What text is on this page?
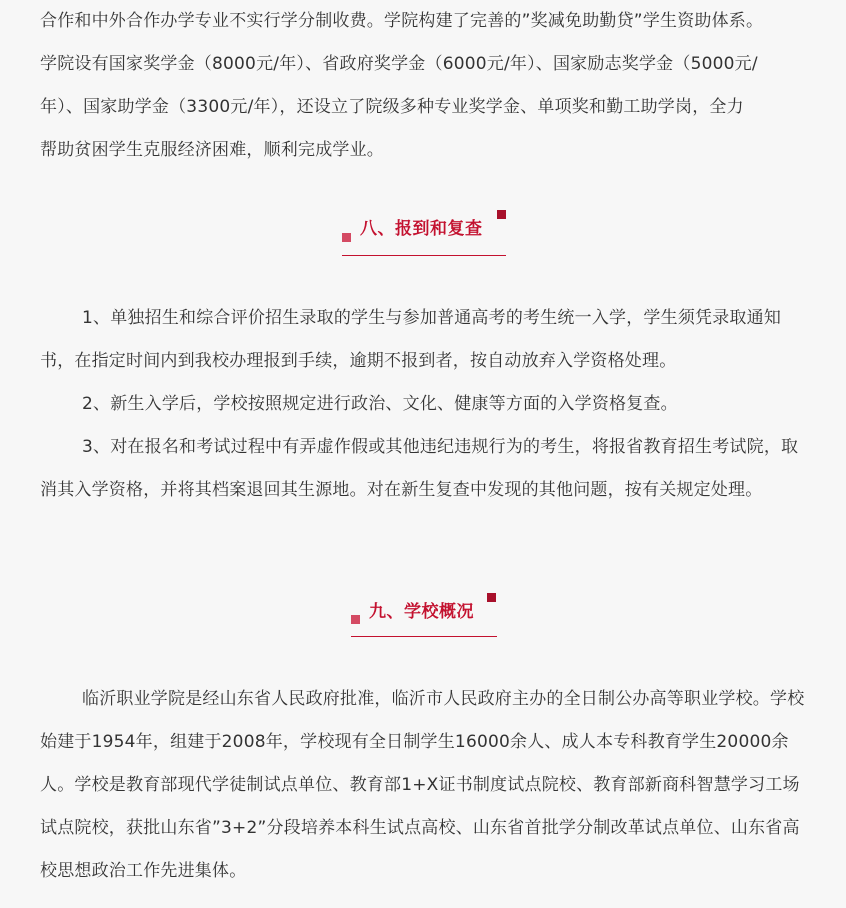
合作和中外合作办学专业不实行学分制收费。学院构建了完善的”奖减免助勤贷”学生资助体系。
学院设有国家奖学金（8000元/年）、省政府奖学金（6000元/年）、国家励志奖学金（5000元/
年）、国家助学金（3300元/年），还设立了院级多种专业奖学金、单项奖和勤工助学岗，全力
帮助贫困学生克服经济困难，顺利完成学业。
八、报到和复查
1、单独招生和综合评价招生录取的学生与参加普通高考的考生统一入学，学生须凭录取通知书，在指定时间内到我校办理报到手续，逾期不报到者，按自动放弃入学资格处理。
2、新生入学后，学校按照规定进行政治、文化、健康等方面的入学资格复查。
3、对在报名和考试过程中有弄虚作假或其他违纪违规行为的考生，将报省教育招生考试院，取消其入学资格，并将其档案退回其生源地。对在新生复查中发现的其他问题，按有关规定处理。
九、学校概况
临沂职业学院是经山东省人民政府批准，临沂市人民政府主办的全日制公办高等职业学校。学校始建于1954年，组建于2008年，学校现有全日制学生16000余人、成人本专科教育学生20000余人。学校是教育部现代学徒制试点单位、教育部1+X证书制度试点院校、教育部新商科智慧学习工场试点院校，获批山东省”3+2”分段培养本科生试点高校、山东省首批学分制改革试点单位、山东省高校思想政治工作先进集体。
